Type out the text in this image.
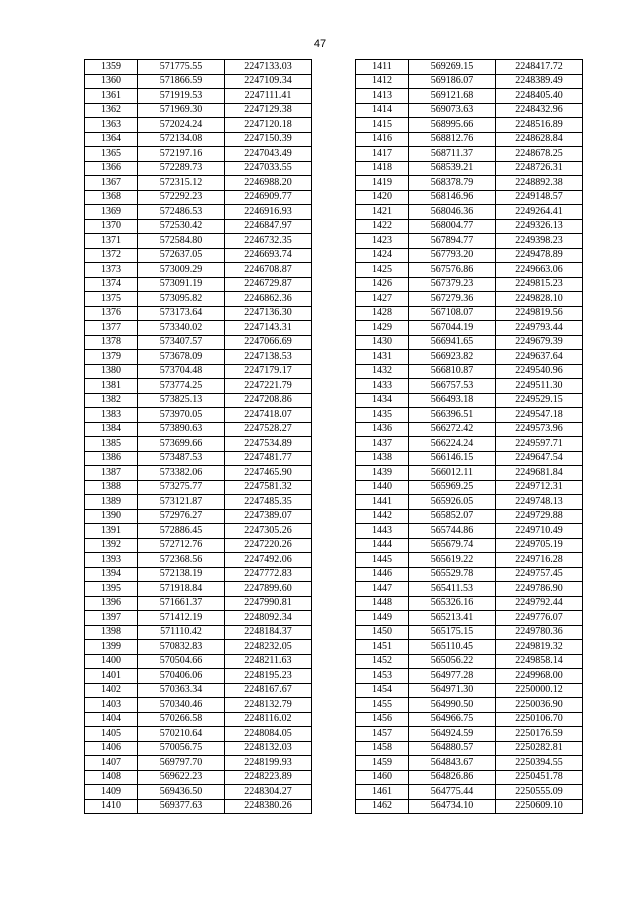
47
1359	571775.55	2247133.03
1360	571866.59	2247109.34
1361	571919.53	2247111.41
1362	571969.30	2247129.38
1363	572024.24	2247120.18
1364	572134.08	2247150.39
1365	572197.16	2247043.49
1366	572289.73	2247033.55
1367	572315.12	2246988.20
1368	572292.23	2246909.77
1369	572486.53	2246916.93
1370	572530.42	2246847.97
1371	572584.80	2246732.35
1372	572637.05	2246693.74
1373	573009.29	2246708.87
1374	573091.19	2246729.87
1375	573095.82	2246862.36
1376	573173.64	2247136.30
1377	573340.02	2247143.31
1378	573407.57	2247066.69
1379	573678.09	2247138.53
1380	573704.48	2247179.17
1381	573774.25	2247221.79
1382	573825.13	2247208.86
1383	573970.05	2247418.07
1384	573890.63	2247528.27
1385	573699.66	2247534.89
1386	573487.53	2247481.77
1387	573382.06	2247465.90
1388	573275.77	2247581.32
1389	573121.87	2247485.35
1390	572976.27	2247389.07
1391	572886.45	2247305.26
1392	572712.76	2247220.26
1393	572368.56	2247492.06
1394	572138.19	2247772.83
1395	571918.84	2247899.60
1396	571661.37	2247990.81
1397	571412.19	2248092.34
1398	571110.42	2248184.37
1399	570832.83	2248232.05
1400	570504.66	2248211.63
1401	570406.06	2248195.23
1402	570363.34	2248167.67
1403	570340.46	2248132.79
1404	570266.58	2248116.02
1405	570210.64	2248084.05
1406	570056.75	2248132.03
1407	569797.70	2248199.93
1408	569622.23	2248223.89
1409	569436.50	2248304.27
1410	569377.63	2248380.26
1411	569269.15	2248417.72
1412	569186.07	2248389.49
1413	569121.68	2248405.40
1414	569073.63	2248432.96
1415	568995.66	2248516.89
1416	568812.76	2248628.84
1417	568711.37	2248678.25
1418	568539.21	2248726.31
1419	568378.79	2248892.38
1420	568146.96	2249148.57
1421	568046.36	2249264.41
1422	568004.77	2249326.13
1423	567894.77	2249398.23
1424	567793.20	2249478.89
1425	567576.86	2249663.06
1426	567379.23	2249815.23
1427	567279.36	2249828.10
1428	567108.07	2249819.56
1429	567044.19	2249793.44
1430	566941.65	2249679.39
1431	566923.82	2249637.64
1432	566810.87	2249540.96
1433	566757.53	2249511.30
1434	566493.18	2249529.15
1435	566396.51	2249547.18
1436	566272.42	2249573.96
1437	566224.24	2249597.71
1438	566146.15	2249647.54
1439	566012.11	2249681.84
1440	565969.25	2249712.31
1441	565926.05	2249748.13
1442	565852.07	2249729.88
1443	565744.86	2249710.49
1444	565679.74	2249705.19
1445	565619.22	2249716.28
1446	565529.78	2249757.45
1447	565411.53	2249786.90
1448	565326.16	2249792.44
1449	565213.41	2249776.07
1450	565175.15	2249780.36
1451	565110.45	2249819.32
1452	565056.22	2249858.14
1453	564977.28	2249968.00
1454	564971.30	2250000.12
1455	564990.50	2250036.90
1456	564966.75	2250106.70
1457	564924.59	2250176.59
1458	564880.57	2250282.81
1459	564843.67	2250394.55
1460	564826.86	2250451.78
1461	564775.44	2250555.09
1462	564734.10	2250609.10
